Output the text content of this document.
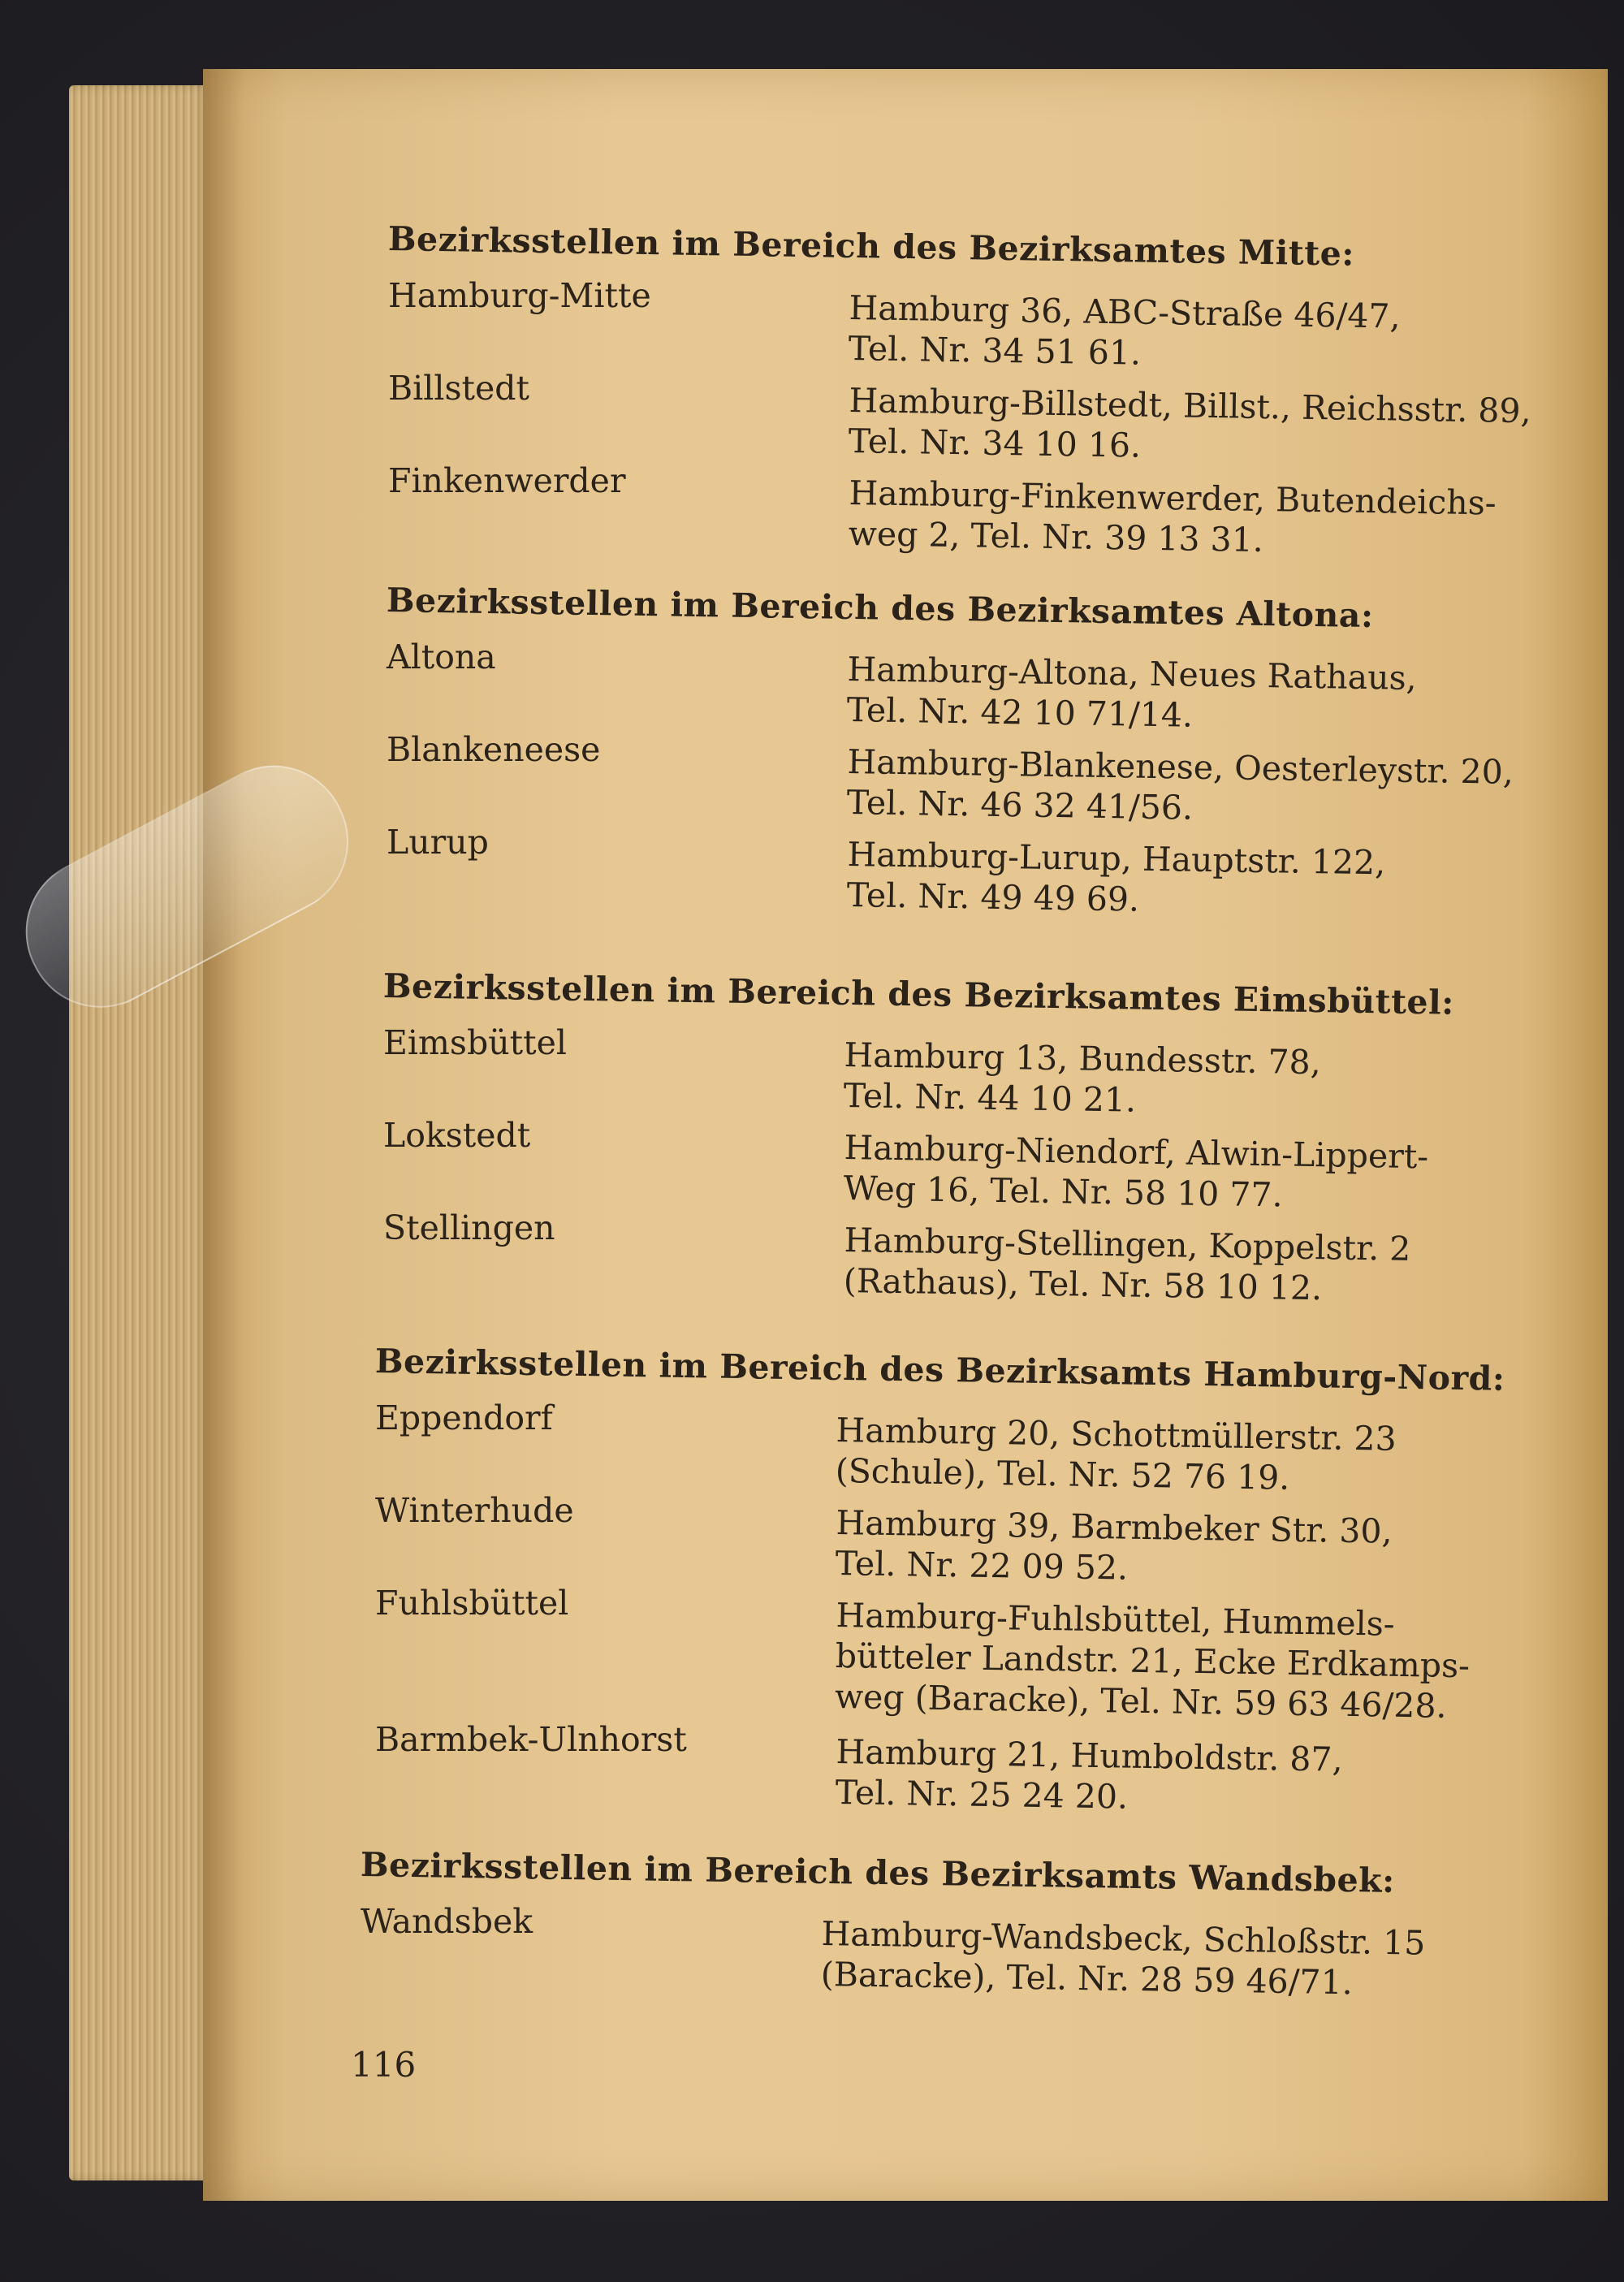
Bezirksstellen im Bereich des Bezirksamtes Mitte:
Hamburg-Mitte	Hamburg 36, ABC-Straße 46/47,
Tel. Nr. 34 51 61.
Billstedt	Hamburg-Billstedt, Billst., Reichsstr. 89,
Tel. Nr. 34 10 16.
Finkenwerder	Hamburg-Finkenwerder, Butendeichs-
weg 2, Tel. Nr. 39 13 31.
Bezirksstellen im Bereich des Bezirksamtes Altona:
Altona	Hamburg-Altona, Neues Rathaus,
Tel. Nr. 42 10 71/14.
Blankeneese	Hamburg-Blankenese, Oesterleystr. 20,
Tel. Nr. 46 32 41/56.
Lurup	Hamburg-Lurup, Hauptstr. 122,
Tel. Nr. 49 49 69.
Bezirksstellen im Bereich des Bezirksamtes Eimsbüttel:
Eimsbüttel	Hamburg 13, Bundesstr. 78,
Tel. Nr. 44 10 21.
Lokstedt	Hamburg-Niendorf, Alwin-Lippert-
Weg 16, Tel. Nr. 58 10 77.
Stellingen	Hamburg-Stellingen, Koppelstr. 2
(Rathaus), Tel. Nr. 58 10 12.
Bezirksstellen im Bereich des Bezirksamts Hamburg-Nord:
Eppendorf	Hamburg 20, Schottmüllerstr. 23
(Schule), Tel. Nr. 52 76 19.
Winterhude	Hamburg 39, Barmbeker Str. 30,
Tel. Nr. 22 09 52.
Fuhlsbüttel	Hamburg-Fuhlsbüttel, Hummels-
bütteler Landstr. 21, Ecke Erdkamps-
weg (Baracke), Tel. Nr. 59 63 46/28.
Barmbek-Ulnhorst	Hamburg 21, Humboldstr. 87,
Tel. Nr. 25 24 20.
Bezirksstellen im Bereich des Bezirksamts Wandsbek:
Wandsbek	Hamburg-Wandsbeck, Schloßstr. 15
(Baracke), Tel. Nr. 28 59 46/71.
116
